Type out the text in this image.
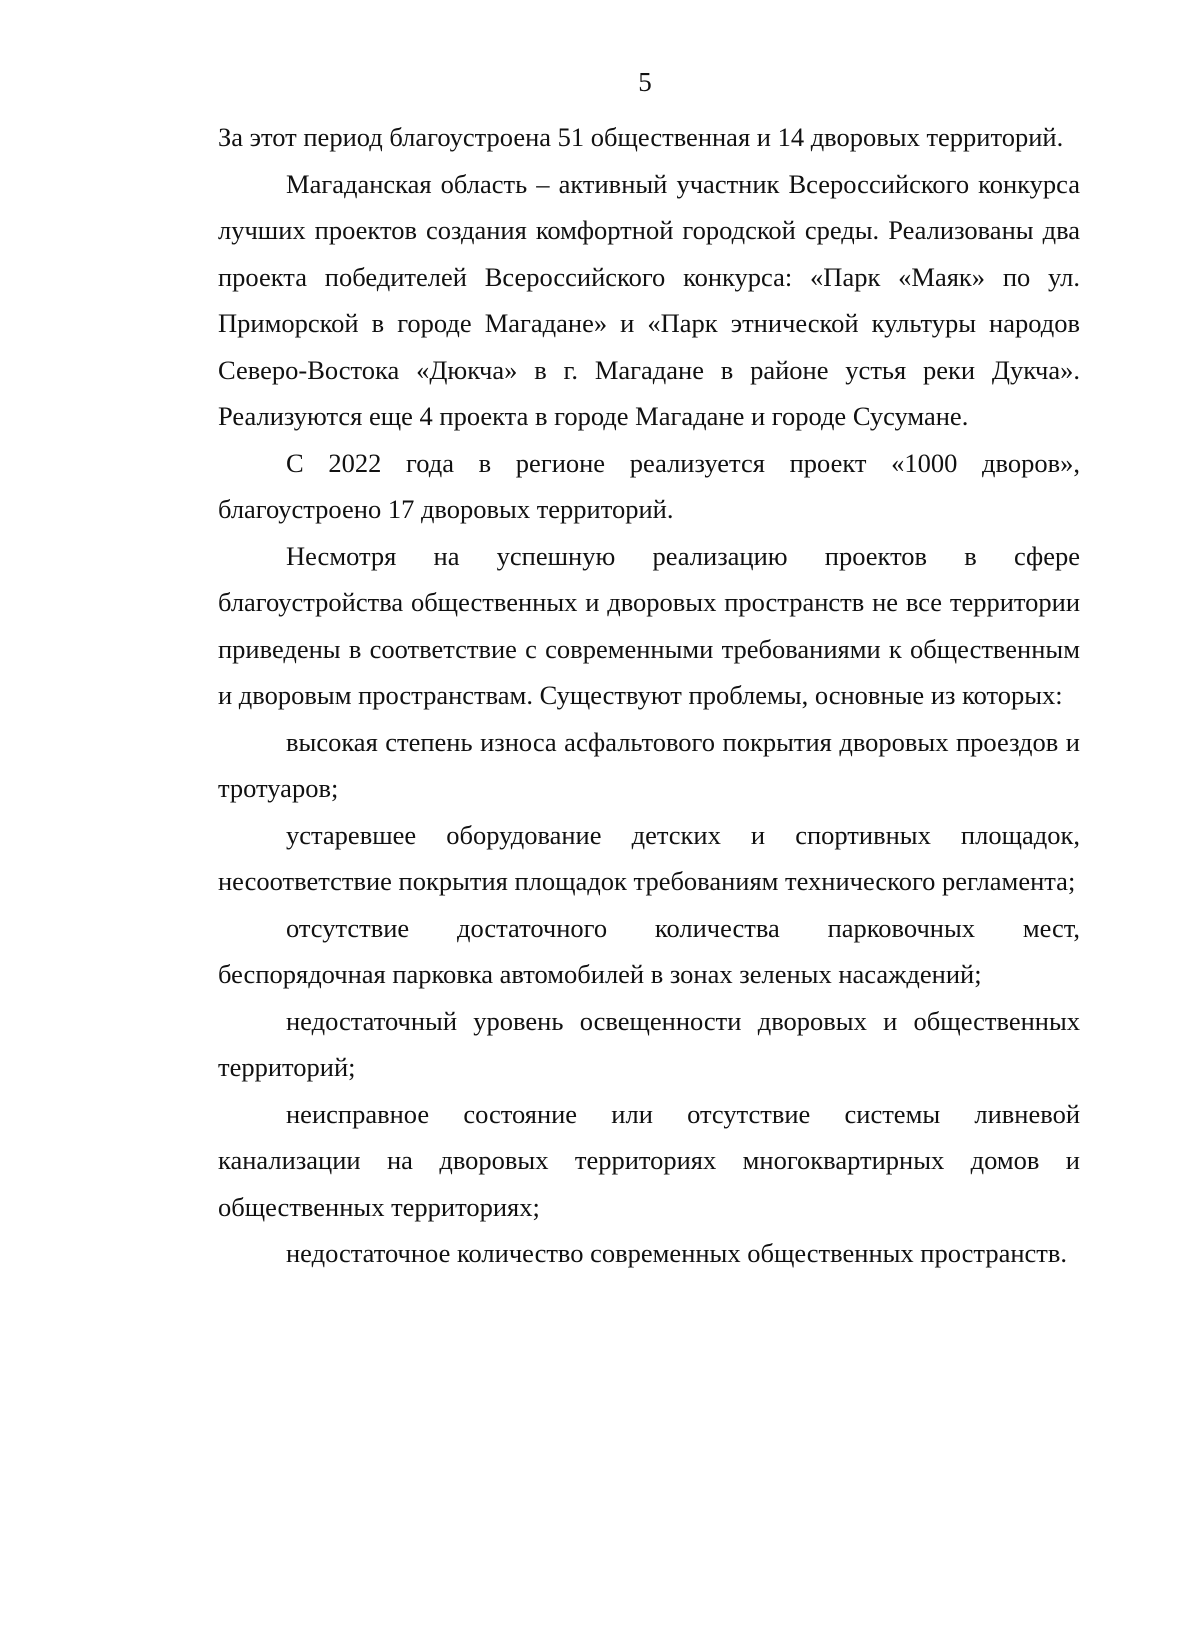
5

За этот период благоустроена 51 общественная и 14 дворовых территорий.

Магаданская область – активный участник Всероссийского конкурса лучших проектов создания комфортной городской среды. Реализованы два проекта победителей Всероссийского конкурса: «Парк «Маяк» по ул. Приморской в городе Магадане» и «Парк этнической культуры народов Северо-Востока «Дюкча» в г. Магадане в районе устья реки Дукча». Реализуются еще 4 проекта в городе Магадане и городе Сусумане.

С 2022 года в регионе реализуется проект «1000 дворов», благоустроено 17 дворовых территорий.

Несмотря на успешную реализацию проектов в сфере благоустройства общественных и дворовых пространств не все территории приведены в соответствие с современными требованиями к общественным и дворовым пространствам. Существуют проблемы, основные из которых:

высокая степень износа асфальтового покрытия дворовых проездов и тротуаров;

устаревшее оборудование детских и спортивных площадок, несоответствие покрытия площадок требованиям технического регламента;

отсутствие достаточного количества парковочных мест, беспорядочная парковка автомобилей в зонах зеленых насаждений;

недостаточный уровень освещенности дворовых и общественных территорий;

неисправное состояние или отсутствие системы ливневой канализации на дворовых территориях многоквартирных домов и общественных территориях;

недостаточное количество современных общественных пространств.
